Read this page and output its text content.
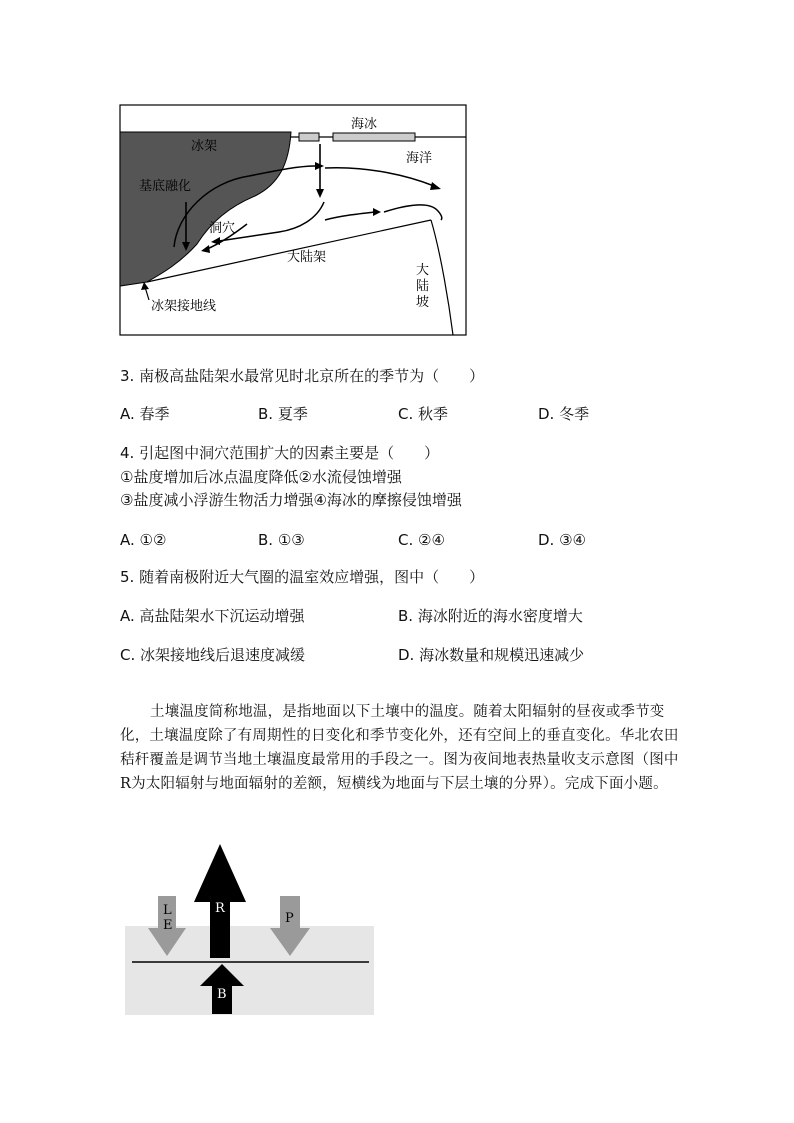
海冰
冰架
海洋
基底融化
洞穴
大陆架
大
陆
坡
冰架接地线
3. 南极高盐陆架水最常见时北京所在的季节为（　　）
A. 春季	B. 夏季	C. 秋季	D. 冬季
4. 引起图中洞穴范围扩大的因素主要是（　　）
①盐度增加后冰点温度降低②水流侵蚀增强
③盐度减小浮游生物活力增强④海冰的摩擦侵蚀增强
A. ①②	B. ①③	C. ②④	D. ③④
5. 随着南极附近大气圈的温室效应增强，图中（　　）
A. 高盐陆架水下沉运动增强	B. 海冰附近的海水密度增大
C. 冰架接地线后退速度减缓	D. 海冰数量和规模迅速减少
土壤温度简称地温，是指地面以下土壤中的温度。随着太阳辐射的昼夜或季节变化，土壤温度除了有周期性的日变化和季节变化外，还有空间上的垂直变化。华北农田秸秆覆盖是调节当地土壤温度最常用的手段之一。图为夜间地表热量收支示意图（图中R为太阳辐射与地面辐射的差额，短横线为地面与下层土壤的分界）。完成下面小题。
L
E
R
P
B
